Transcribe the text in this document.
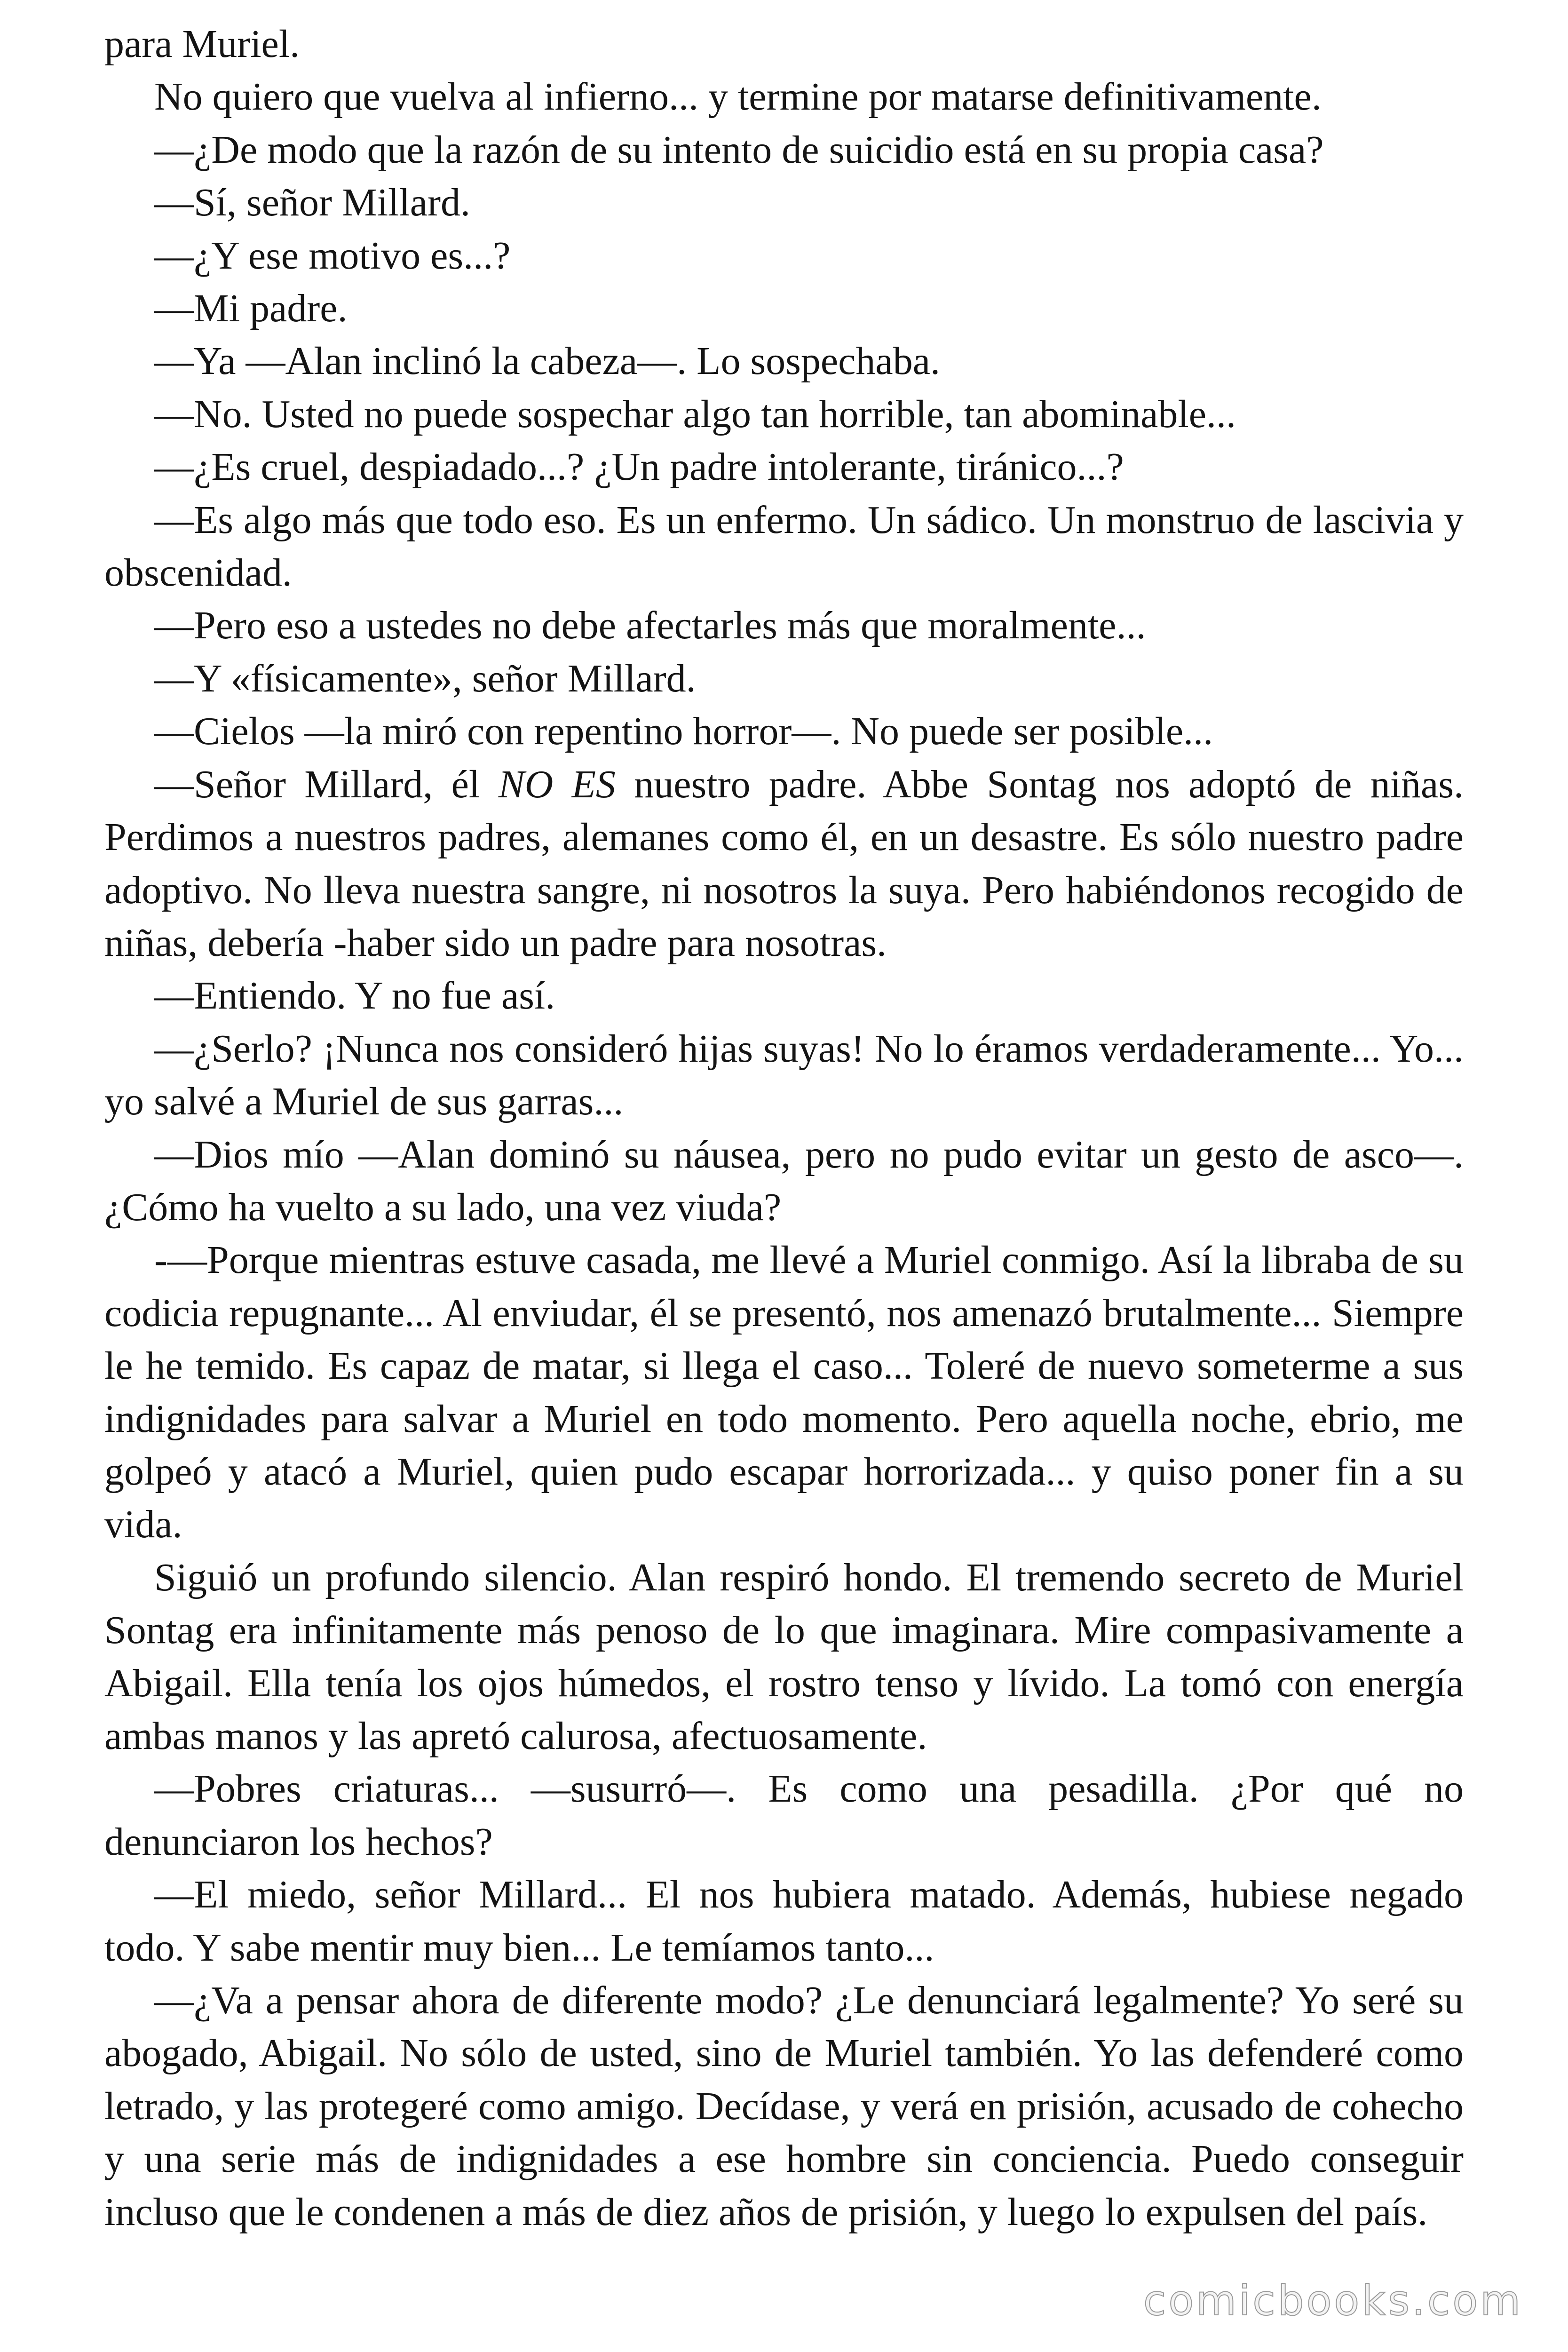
para Muriel.

No quiero que vuelva al infierno... y termine por matarse definitivamente.

—¿De modo que la razón de su intento de suicidio está en su propia casa?

—Sí, señor Millard.

—¿Y ese motivo es...?

—Mi padre.

—Ya —Alan inclinó la cabeza—. Lo sospechaba.

—No. Usted no puede sospechar algo tan horrible, tan abominable...

—¿Es cruel, despiadado...? ¿Un padre intolerante, tiránico...?

—Es algo más que todo eso. Es un enfermo. Un sádico. Un monstruo de lascivia y obscenidad.

—Pero eso a ustedes no debe afectarles más que moralmente...

—Y «físicamente», señor Millard.

—Cielos —la miró con repentino horror—. No puede ser posible...

—Señor Millard, él NO ES nuestro padre. Abbe Sontag nos adoptó de niñas. Perdimos a nuestros padres, alemanes como él, en un desastre. Es sólo nuestro padre adoptivo. No lleva nuestra sangre, ni nosotros la suya. Pero habiéndonos recogido de niñas, debería -haber sido un padre para nosotras.

—Entiendo. Y no fue así.

—¿Serlo? ¡Nunca nos consideró hijas suyas! No lo éramos verdaderamente... Yo... yo salvé a Muriel de sus garras...

—Dios mío —Alan dominó su náusea, pero no pudo evitar un gesto de asco—. ¿Cómo ha vuelto a su lado, una vez viuda?

-—Porque mientras estuve casada, me llevé a Muriel conmigo. Así la libraba de su codicia repugnante... Al enviudar, él se presentó, nos amenazó brutalmente... Siempre le he temido. Es capaz de matar, si llega el caso... Toleré de nuevo someterme a sus indignidades para salvar a Muriel en todo momento. Pero aquella noche, ebrio, me golpeó y atacó a Muriel, quien pudo escapar horrorizada... y quiso poner fin a su vida.

Siguió un profundo silencio. Alan respiró hondo. El tremendo secreto de Muriel Sontag era infinitamente más penoso de lo que imaginara. Mire compasivamente a Abigail. Ella tenía los ojos húmedos, el rostro tenso y lívido. La tomó con energía ambas manos y las apretó calurosa, afectuosamente.

—Pobres criaturas... —susurró—. Es como una pesadilla. ¿Por qué no denunciaron los hechos?

—El miedo, señor Millard... El nos hubiera matado. Además, hubiese negado todo. Y sabe mentir muy bien... Le temíamos tanto...

—¿Va a pensar ahora de diferente modo? ¿Le denunciará legalmente? Yo seré su abogado, Abigail. No sólo de usted, sino de Muriel también. Yo las defenderé como letrado, y las protegeré como amigo. Decídase, y verá en prisión, acusado de cohecho y una serie más de indignidades a ese hombre sin conciencia. Puedo conseguir incluso que le condenen a más de diez años de prisión, y luego lo expulsen del país.

comicbooks.com
